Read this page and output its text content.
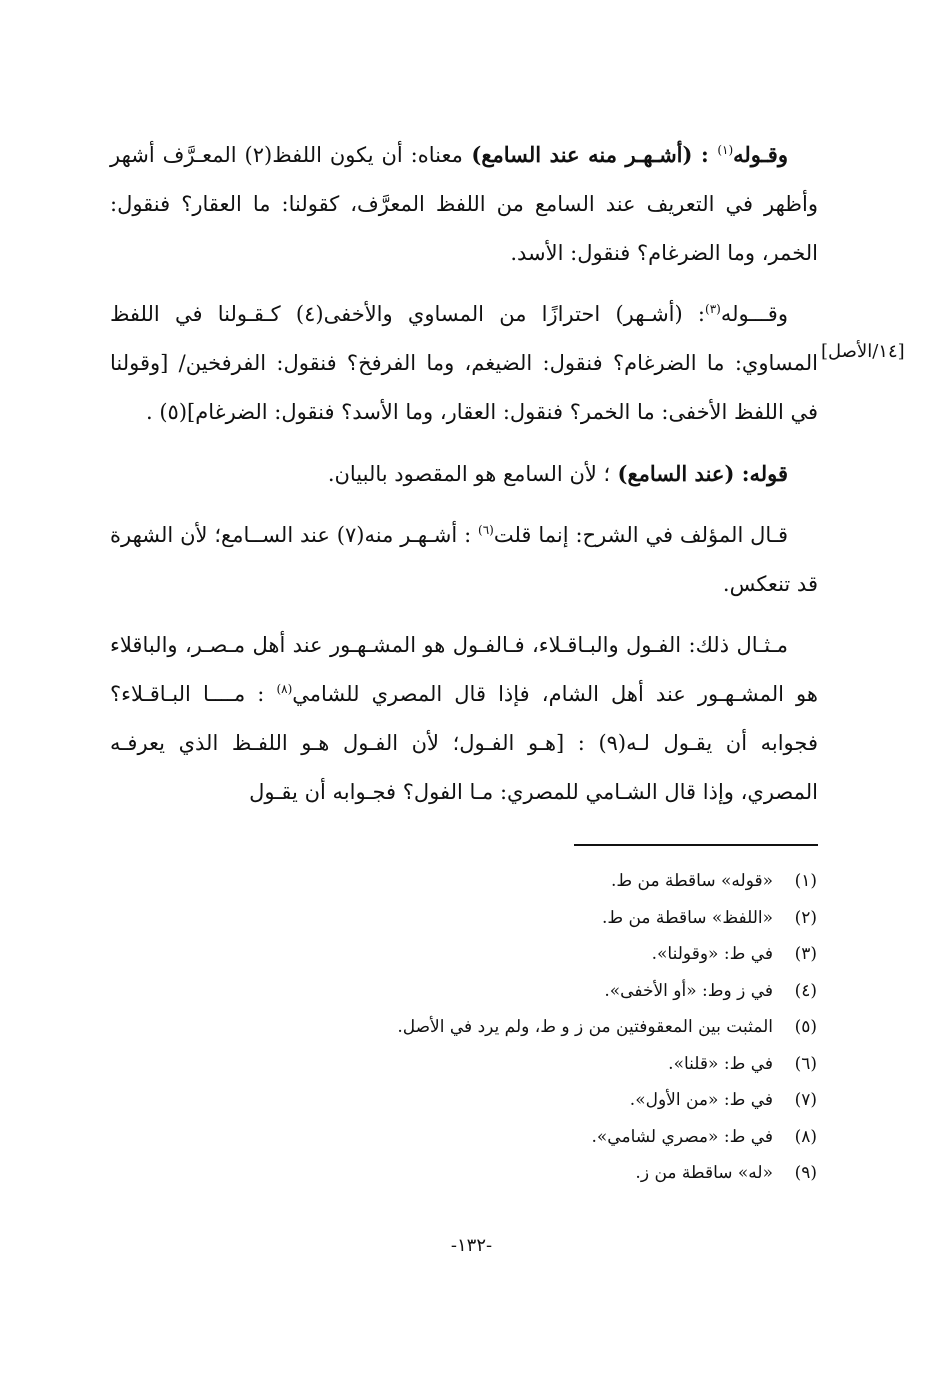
وقـوله$^{(١)}$ : (أشـهـر منه عند السامع) معناه: أن يكون اللفظ(٢) المعـرَّف أشهر وأظهر في التعريف عند السامع من اللفظ المعرَّف، كقولنا: ما العقار؟ فنقول: الخمر، وما الضرغام؟ فنقول: الأسد.

وقـــوله$^{(٣)}$: (أشـهر) احترازًا من المساوي والأخفى(٤) كـقـولنا في اللفظ المساوي: ما الضرغام؟ فنقول: الضيغم، وما الفرفخ؟ فنقول: الفرفخين/ [وقولنا في اللفظ الأخفى: ما الخمر؟ فنقول: العقار، وما الأسد؟ فنقول: الضرغام](٥) .

قوله: (عند السامع) ؛ لأن السامع هو المقصود بالبيان.

قـال المؤلف في الشرح: إنما قلت$^{(٦)}$ : أشـهـر منه(٧) عند الســامع؛ لأن الشهرة قد تنعكس.

مـثـال ذلك: الفـول والبـاقـلاء، فـالفـول هو المشـهـور عند أهل مـصـر، والباقلاء هو المشـهـور عند أهل الشام، فإذا قال المصري للشامي$^{(٨)}$ : مــــا البـاقـلاء؟ فجوابه أن يقـول لـه(٩) : [هـو الفـول؛ لأن الفـول هـو اللفـظ الذي يعرفـه المصري، وإذا قال الشـامي للمصري: مـا الفول؟ فجـوابه أن يقـول

[١٤/الأصل]
(١)«قوله» ساقطة من ط.
(٢)«اللفظ» ساقطة من ط.
(٣)في ط: «وقولنا».
(٤)في ز وط: «أو الأخفى».
(٥)المثبت بين المعقوفتين من ز و ط، ولم يرد في الأصل.
(٦)في ط: «قلنا».
(٧)في ط: «من الأول».
(٨)في ط: «مصري لشامي».
(٩)«له» ساقطة من ز.
-١٣٢-
